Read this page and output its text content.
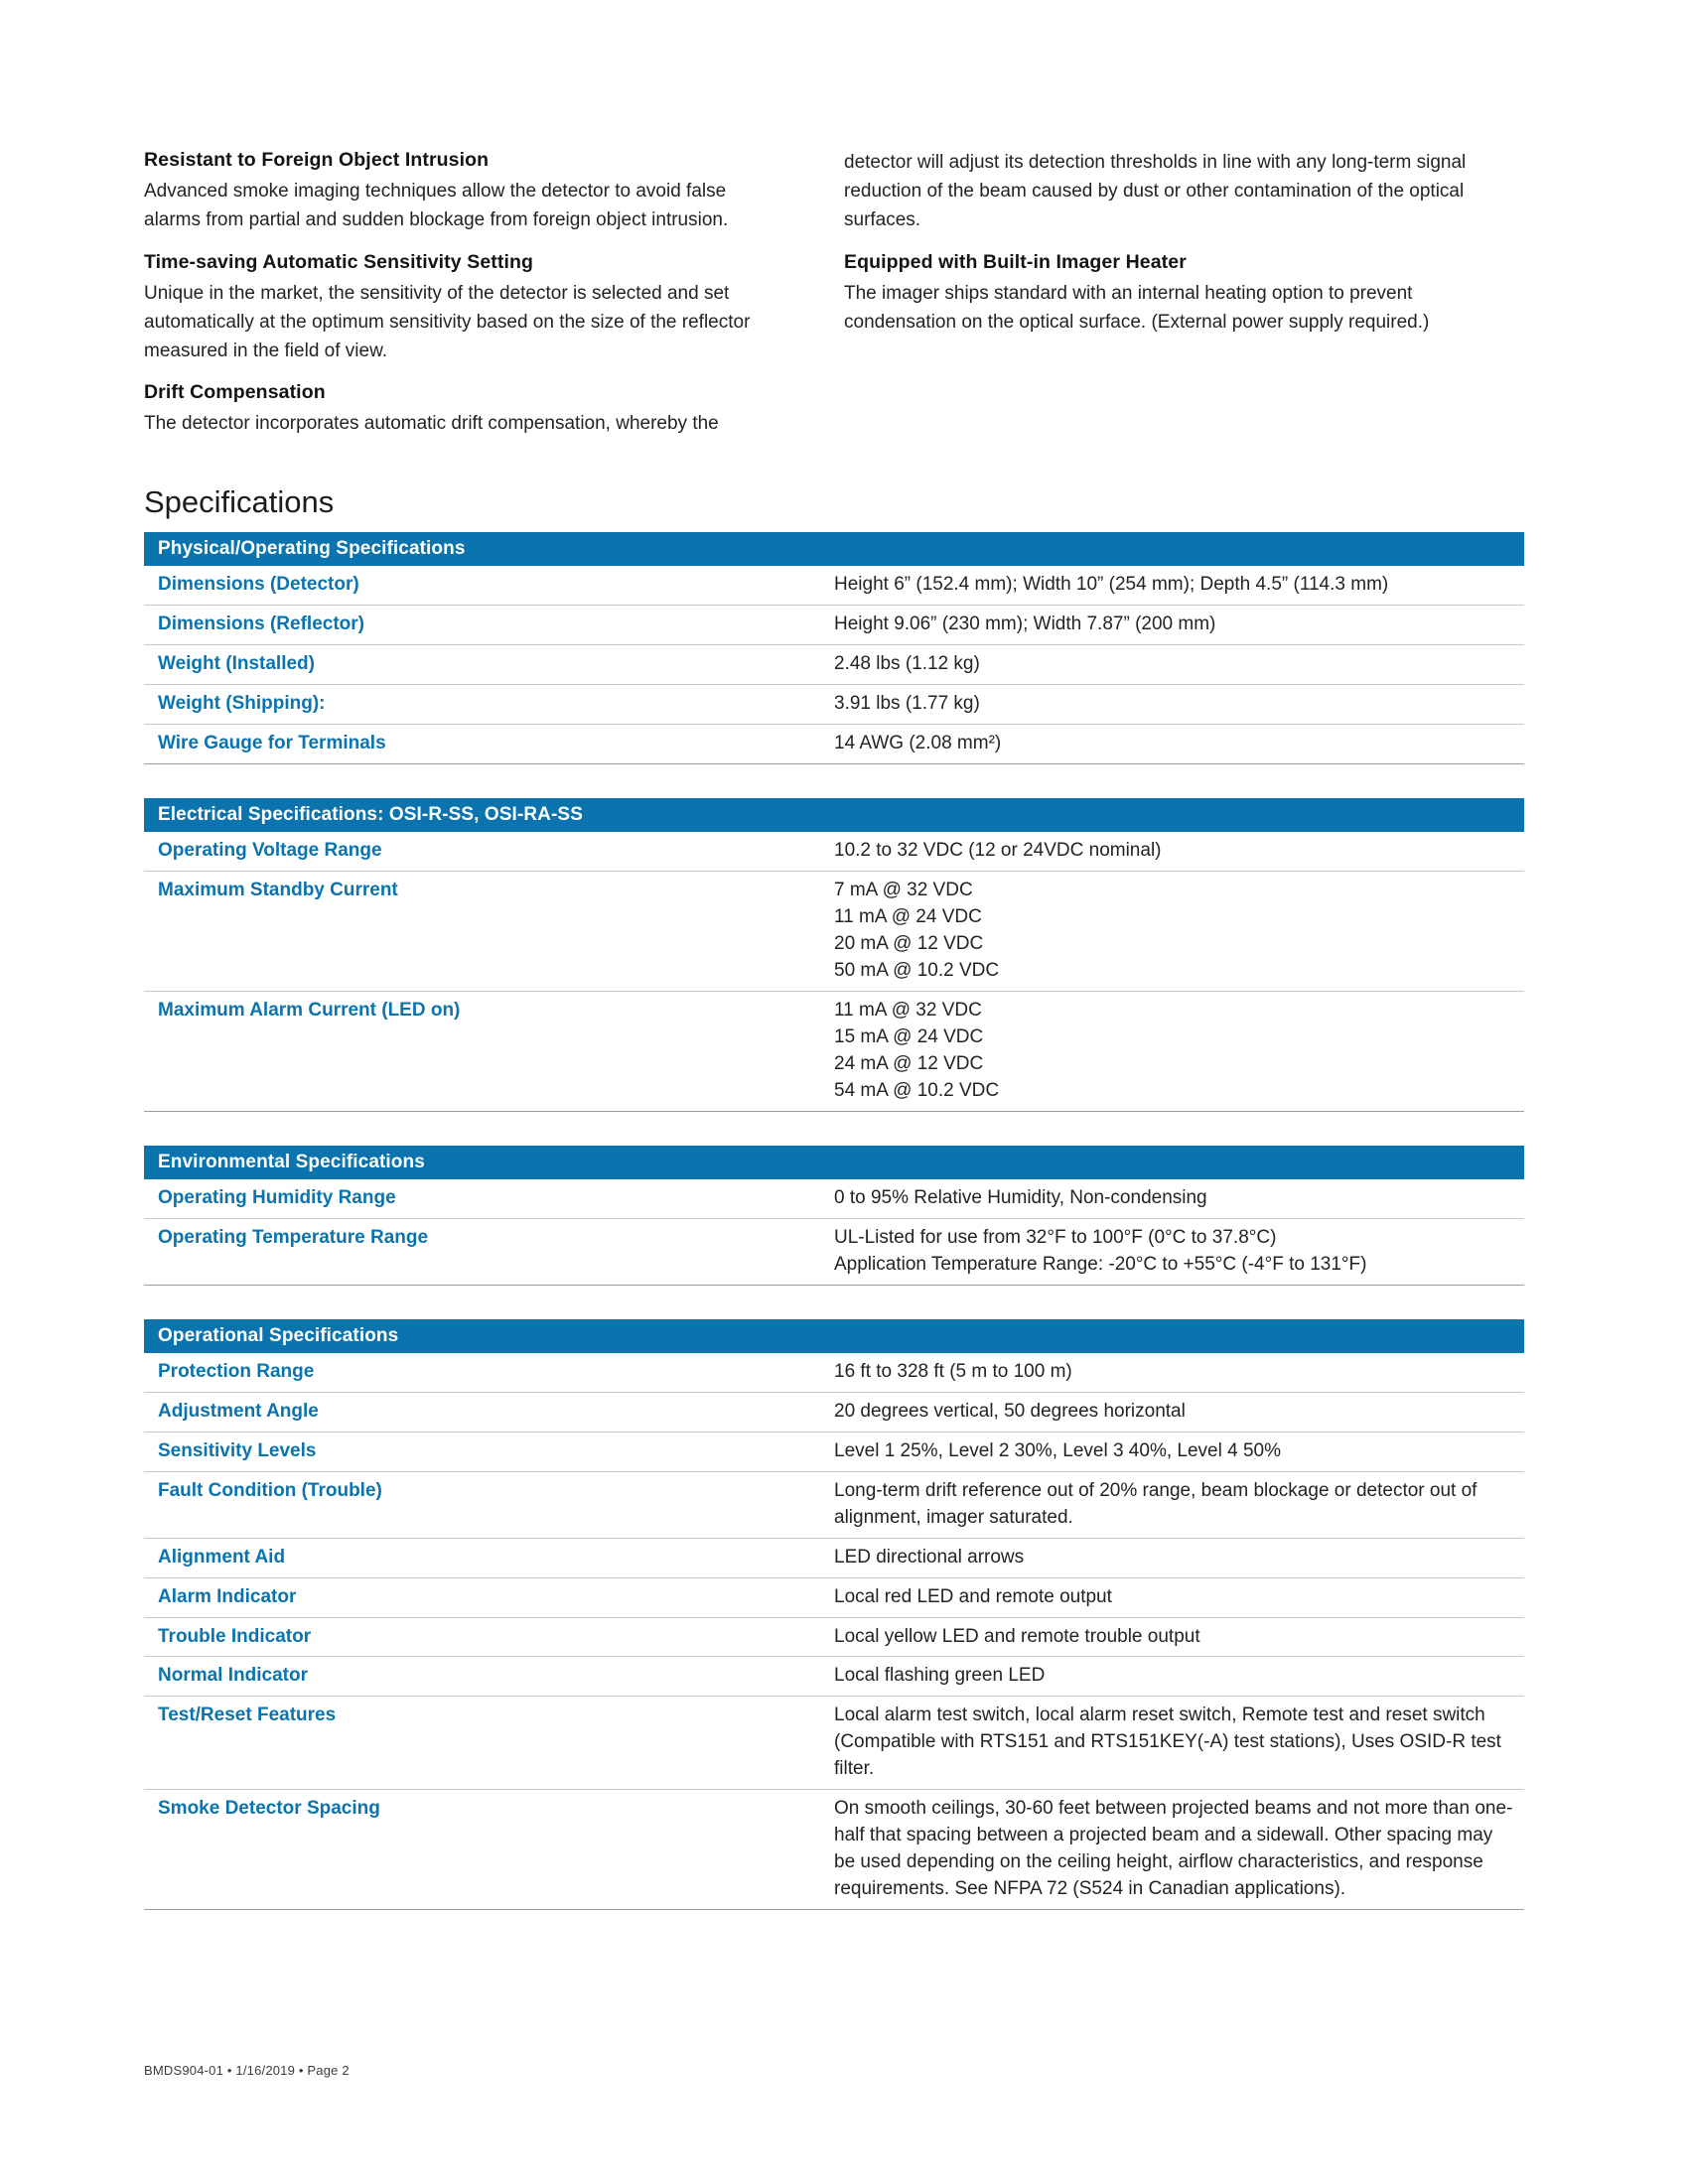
Resistant to Foreign Object Intrusion

Advanced smoke imaging techniques allow the detector to avoid false alarms from partial and sudden blockage from foreign object intrusion.

Time-saving Automatic Sensitivity Setting

Unique in the market, the sensitivity of the detector is selected and set automatically at the optimum sensitivity based on the size of the reflector measured in the field of view.

Drift Compensation

The detector incorporates automatic drift compensation, whereby the

detector will adjust its detection thresholds in line with any long-term signal reduction of the beam caused by dust or other contamination of the optical surfaces.

Equipped with Built-in Imager Heater

The imager ships standard with an internal heating option to prevent condensation on the optical surface. (External power supply required.)

Specifications
Physical/Operating Specifications	
Dimensions (Detector)	Height 6” (152.4 mm); Width 10” (254 mm); Depth 4.5” (114.3 mm)
Dimensions (Reflector)	Height 9.06” (230 mm); Width 7.87” (200 mm)
Weight (Installed)	2.48 lbs (1.12 kg)
Weight (Shipping):	3.91 lbs (1.77 kg)
Wire Gauge for Terminals	14 AWG (2.08 mm²)
Electrical Specifications: OSI-R-SS, OSI-RA-SS	
Operating Voltage Range	10.2 to 32 VDC (12 or 24VDC nominal)
Maximum Standby Current	7 mA @ 32 VDC
11 mA @ 24 VDC
20 mA @ 12 VDC
50 mA @ 10.2 VDC

Maximum Alarm Current (LED on)	11 mA @ 32 VDC
15 mA @ 24 VDC
24 mA @ 12 VDC
54 mA @ 10.2 VDC
Environmental Specifications	
Operating Humidity Range	0 to 95% Relative Humidity, Non-condensing
Operating Temperature Range	UL-Listed for use from 32°F to 100°F (0°C to 37.8°C)
Application Temperature Range: -20°C to +55°C (-4°F to 131°F)
Operational Specifications	
Protection Range	16 ft to 328 ft (5 m to 100 m)
Adjustment Angle	20 degrees vertical, 50 degrees horizontal
Sensitivity Levels	Level 1 25%, Level 2 30%, Level 3 40%, Level 4 50%
Fault Condition (Trouble)	Long-term drift reference out of 20% range, beam blockage or detector out of alignment, imager saturated.
Alignment Aid	LED directional arrows
Alarm Indicator	Local red LED and remote output
Trouble Indicator	Local yellow LED and remote trouble output
Normal Indicator	Local flashing green LED
Test/Reset Features	Local alarm test switch, local alarm reset switch, Remote test and reset switch (Compatible with RTS151 and RTS151KEY(-A) test stations), Uses OSID-R test filter.
Smoke Detector Spacing	On smooth ceilings, 30-60 feet between projected beams and not more than one-half that spacing between a projected beam and a sidewall. Other spacing may be used depending on the ceiling height, airflow characteristics, and response requirements. See NFPA 72 (S524 in Canadian applications).
BMDS904-01 • 1/16/2019 • Page 2
